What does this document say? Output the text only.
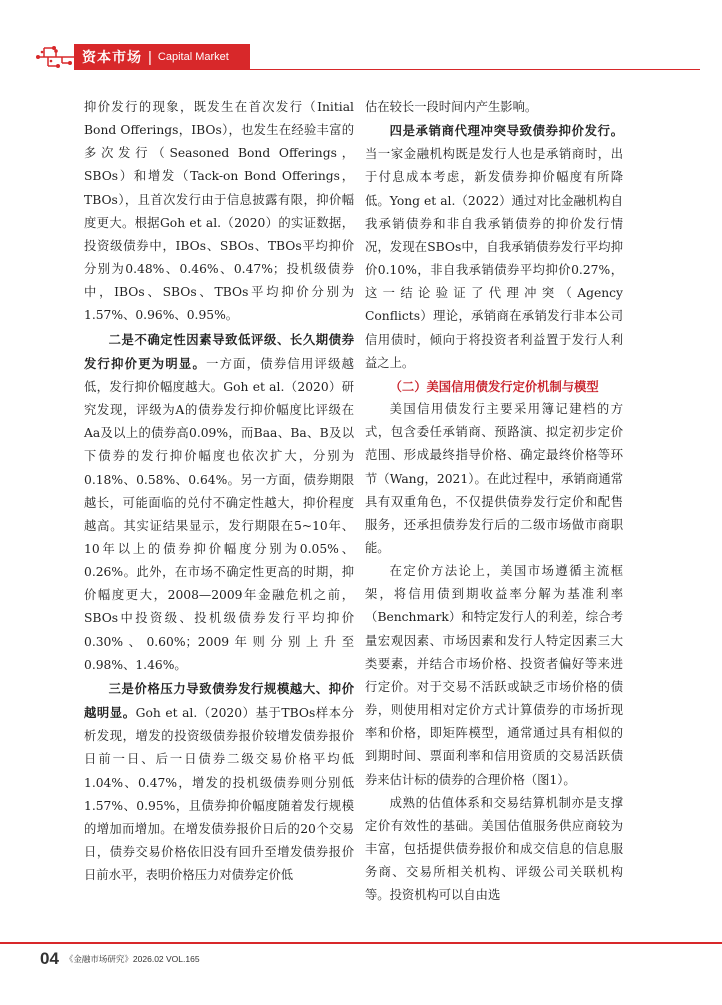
资本市场 | Capital Market

抑价发行的现象，既发生在首次发行（Initial Bond Offerings，IBOs），也发生在经验丰富的多次发行（Seasoned Bond Offerings，SBOs）和增发（Tack-on Bond Offerings，TBOs），且首次发行由于信息披露有限，抑价幅度更大。根据Goh et al.（2020）的实证数据，投资级债券中，IBOs、SBOs、TBOs平均抑价分别为0.48%、0.46%、0.47%；投机级债券中，IBOs、SBOs、TBOs平均抑价分别为1.57%、0.96%、0.95%。

二是不确定性因素导致低评级、长久期债券发行抑价更为明显。一方面，债券信用评级越低，发行抑价幅度越大。Goh et al.（2020）研究发现，评级为A的债券发行抑价幅度比评级在Aa及以上的债券高0.09%，而Baa、Ba、B及以下债券的发行抑价幅度也依次扩大，分别为0.18%、0.58%、0.64%。另一方面，债券期限越长，可能面临的兑付不确定性越大，抑价程度越高。其实证结果显示，发行期限在5~10年、10年以上的债券抑价幅度分别为0.05%、0.26%。此外，在市场不确定性更高的时期，抑价幅度更大，2008—2009年金融危机之前，SBOs中投资级、投机级债券发行平均抑价0.30%、0.60%；2009年则分别上升至0.98%、1.46%。

三是价格压力导致债券发行规模越大、抑价越明显。Goh et al.（2020）基于TBOs样本分析发现，增发的投资级债券报价较增发债券报价日前一日、后一日债券二级交易价格平均低1.04%、0.47%，增发的投机级债券则分别低1.57%、0.95%，且债券抑价幅度随着发行规模的增加而增加。在增发债券报价日后的20个交易日，债券交易价格依旧没有回升至增发债券报价日前水平，表明价格压力对债券定价低

估在较长一段时间内产生影响。

四是承销商代理冲突导致债券抑价发行。当一家金融机构既是发行人也是承销商时，出于付息成本考虑，新发债券抑价幅度有所降低。Yong et al.（2022）通过对比金融机构自我承销债券和非自我承销债券的抑价发行情况，发现在SBOs中，自我承销债券发行平均抑价0.10%，非自我承销债券平均抑价0.27%，这一结论验证了代理冲突（Agency Conflicts）理论，承销商在承销发行非本公司信用债时，倾向于将投资者利益置于发行人利益之上。

（二）美国信用债发行定价机制与模型

美国信用债发行主要采用簿记建档的方式，包含委任承销商、预路演、拟定初步定价范围、形成最终指导价格、确定最终价格等环节（Wang，2021）。在此过程中，承销商通常具有双重角色，不仅提供债券发行定价和配售服务，还承担债券发行后的二级市场做市商职能。

在定价方法论上，美国市场遵循主流框架，将信用债到期收益率分解为基准利率（Benchmark）和特定发行人的利差，综合考量宏观因素、市场因素和发行人特定因素三大类要素，并结合市场价格、投资者偏好等来进行定价。对于交易不活跃或缺乏市场价格的债券，则使用相对定价方式计算债券的市场折现率和价格，即矩阵模型，通常通过具有相似的到期时间、票面利率和信用资质的交易活跃债券来估计标的债券的合理价格（图1）。

成熟的估值体系和交易结算机制亦是支撑定价有效性的基础。美国估值服务供应商较为丰富，包括提供债券报价和成交信息的信息服务商、交易所相关机构、评级公司关联机构等。投资机构可以自由选

04 《金融市场研究》2026.02 VOL.165
